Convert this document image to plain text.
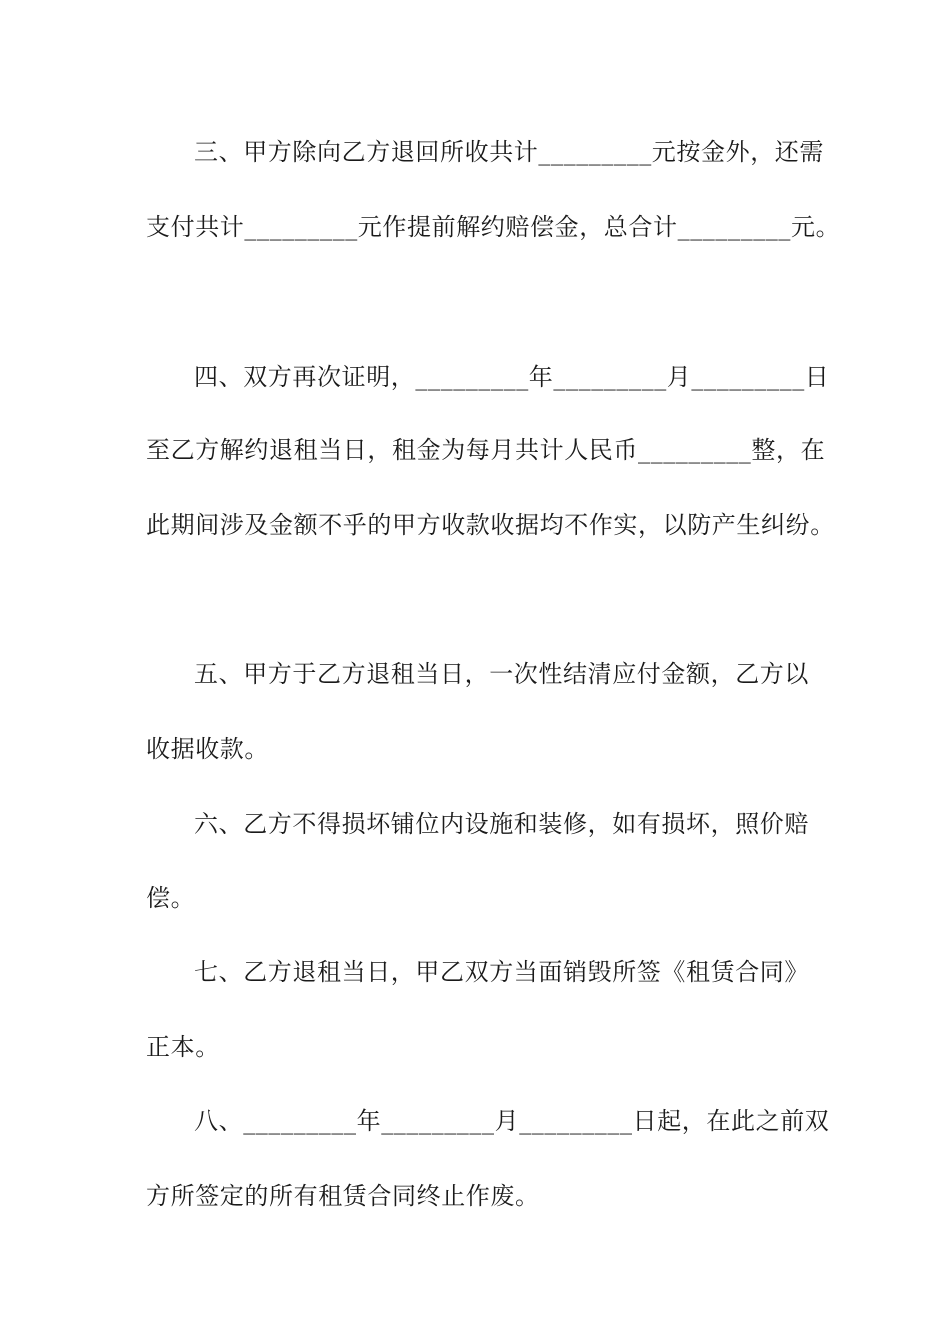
三、甲方除向乙方退回所收共计_________元按金外，还需
支付共计_________元作提前解约赔偿金，总合计_________元。
四、双方再次证明，_________年_________月_________日
至乙方解约退租当日，租金为每月共计人民币_________整，在
此期间涉及金额不乎的甲方收款收据均不作实，以防产生纠纷。
五、甲方于乙方退租当日，一次性结清应付金额，乙方以
收据收款。
六、乙方不得损坏铺位内设施和装修，如有损坏，照价赔
偿。
七、乙方退租当日，甲乙双方当面销毁所签《租赁合同》
正本。
八、_________年_________月_________日起，在此之前双
方所签定的所有租赁合同终止作废。
